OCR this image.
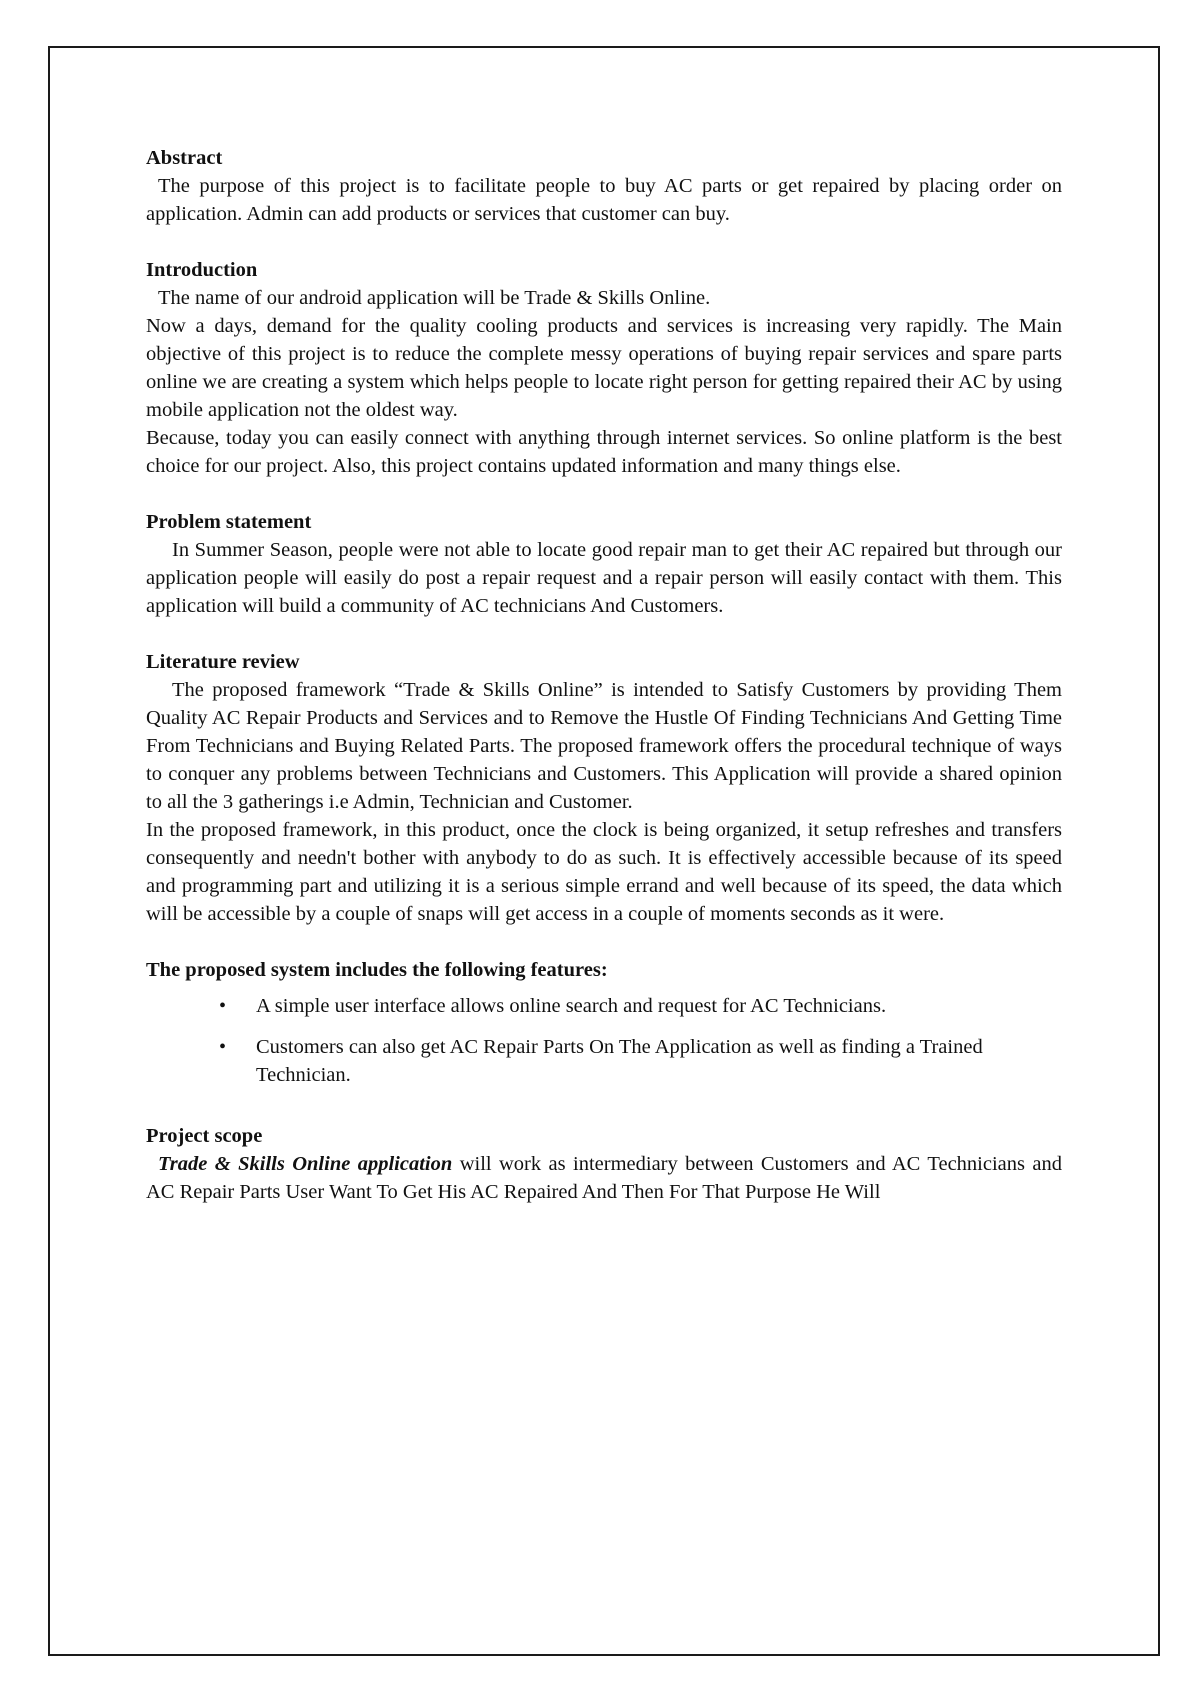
Abstract

The purpose of this project is to facilitate people to buy AC parts or get repaired by placing order on application. Admin can add products or services that customer can buy.

Introduction

The name of our android application will be Trade & Skills Online.

Now a days, demand for the quality cooling products and services is increasing very rapidly. The Main objective of this project is to reduce the complete messy operations of buying repair services and spare parts online we are creating a system which helps people to locate right person for getting repaired their AC by using mobile application not the oldest way.

Because, today you can easily connect with anything through internet services. So online platform is the best choice for our project. Also, this project contains updated information and many things else.

Problem statement

In Summer Season, people were not able to locate good repair man to get their AC repaired but through our application people will easily do post a repair request and a repair person will easily contact with them. This application will build a community of AC technicians And Customers.

Literature review

The proposed framework “Trade & Skills Online” is intended to Satisfy Customers by providing Them Quality AC Repair Products and Services and to Remove the Hustle Of Finding Technicians And Getting Time From Technicians and Buying Related Parts. The proposed framework offers the procedural technique of ways to conquer any problems between Technicians and Customers. This Application will provide a shared opinion to all the 3 gatherings i.e Admin, Technician and Customer.

In the proposed framework, in this product, once the clock is being organized, it setup refreshes and transfers consequently and needn't bother with anybody to do as such. It is effectively accessible because of its speed and programming part and utilizing it is a serious simple errand and well because of its speed, the data which will be accessible by a couple of snaps will get access in a couple of moments seconds as it were.

The proposed system includes the following features:

• A simple user interface allows online search and request for AC Technicians.
• Customers can also get AC Repair Parts On The Application as well as finding a Trained Technician.

Project scope

Trade & Skills Online application will work as intermediary between Customers and AC Technicians and AC Repair Parts User Want To Get His AC Repaired And Then For That Purpose He Will
